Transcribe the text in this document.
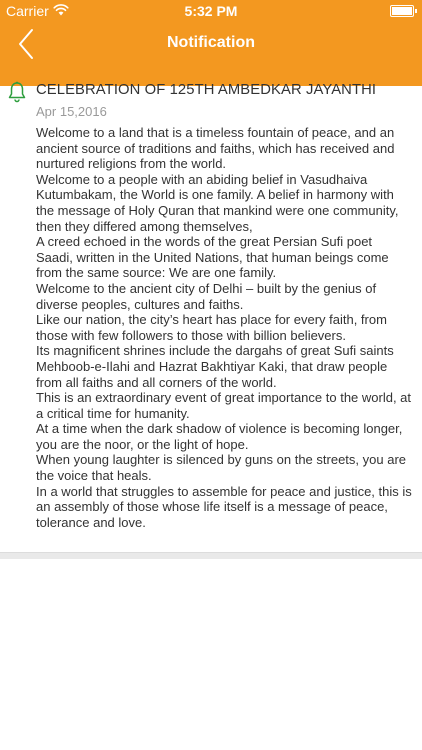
Carrier	5:32 PM
Notification
CELEBRATION OF 125TH AMBEDKAR JAYANTHI
Apr 15,2016

Welcome to a land that is a timeless fountain of peace, and an ancient source of traditions and faiths, which has received and nurtured religions from the world.

Welcome to a people with an abiding belief in Vasudhaiva Kutumbakam, the World is one family. A belief in harmony with the message of Holy Quran that mankind were one community, then they differed among themselves,

A creed echoed in the words of the great Persian Sufi poet Saadi, written in the United Nations, that human beings come from the same source: We are one family.

Welcome to the ancient city of Delhi – built by the genius of diverse peoples, cultures and faiths.

Like our nation, the city’s heart has place for every faith, from those with few followers to those with billion believers.

Its magnificent shrines include the dargahs of great Sufi saints Mehboob-e-Ilahi and Hazrat Bakhtiyar Kaki, that draw people from all faiths and all corners of the world.

This is an extraordinary event of great importance to the world, at a critical time for humanity.

At a time when the dark shadow of violence is becoming longer, you are the noor, or the light of hope.

When young laughter is silenced by guns on the streets, you are the voice that heals.

In a world that struggles to assemble for peace and justice, this is an assembly of those whose life itself is a message of peace, tolerance and love.
